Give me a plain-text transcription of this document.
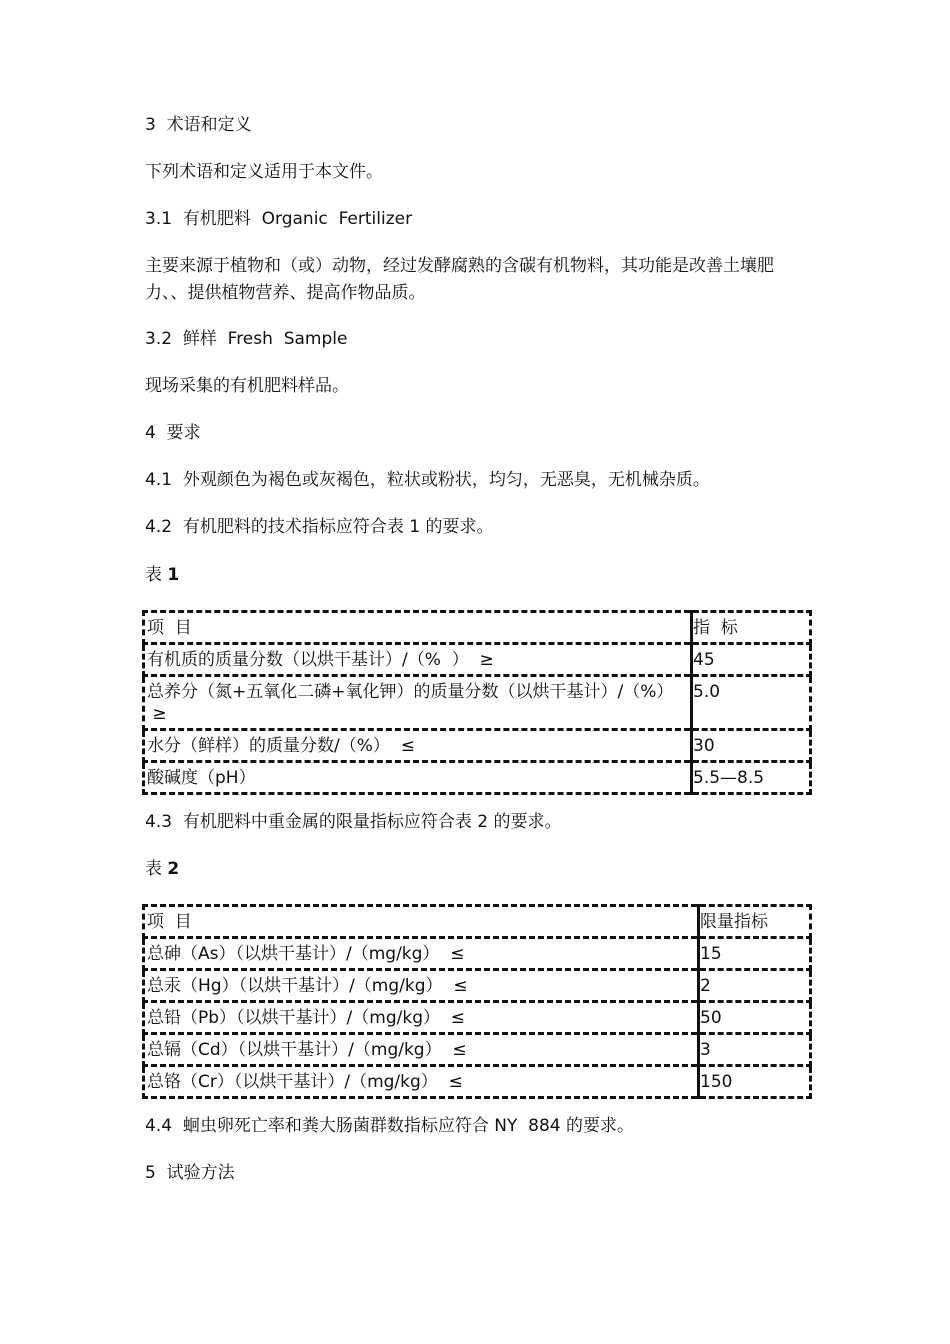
3  术语和定义

下列术语和定义适用于本文件。

3.1  有机肥料  Organic  Fertilizer

主要来源于植物和（或）动物，经过发酵腐熟的含碳有机物料，其功能是改善土壤肥力、、提供植物营养、提高作物品质。

3.2  鲜样  Fresh  Sample

现场采集的有机肥料样品。

4  要求

4.1  外观颜色为褐色或灰褐色，粒状或粉状，均匀，无恶臭，无机械杂质。

4.2  有机肥料的技术指标应符合表 1 的要求。

表 1

项  目	指  标
有机质的质量分数（以烘干基计）/（%  ）  ≥	45
总养分（氮+五氧化二磷+氧化钾）的质量分数（以烘干基计）/（%）
≥	5.0
水分（鲜样）的质量分数/（%）  ≤	30
酸碱度（pH）	5.5—8.5

4.3  有机肥料中重金属的限量指标应符合表 2 的要求。

表 2

项  目	限量指标
总砷（As）（以烘干基计）/（mg/kg）  ≤	15
总汞（Hg）（以烘干基计）/（mg/kg）  ≤	2
总铅（Pb）（以烘干基计）/（mg/kg）  ≤	50
总镉（Cd）（以烘干基计）/（mg/kg）  ≤	3
总铬（Cr）（以烘干基计）/（mg/kg）  ≤	150

4.4  蛔虫卵死亡率和粪大肠菌群数指标应符合 NY  884 的要求。

5  试验方法
